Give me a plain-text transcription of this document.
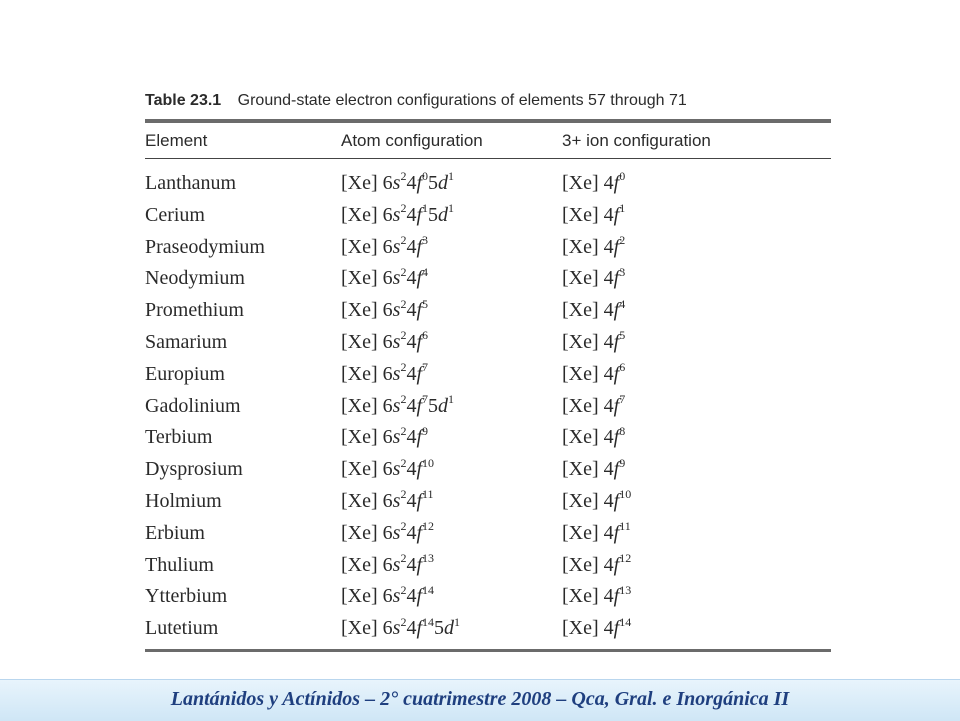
Table 23.1 Ground-state electron configurations of elements 57 through 71
Element	Atom configuration	3+ ion configuration
Lanthanum	[Xe] $6s^24f^05d^1$	[Xe] $4f^0$
Cerium	[Xe] $6s^24f^15d^1$	[Xe] $4f^1$
Praseodymium	[Xe] $6s^24f^3$	[Xe] $4f^2$
Neodymium	[Xe] $6s^24f^4$	[Xe] $4f^3$
Promethium	[Xe] $6s^24f^5$	[Xe] $4f^4$
Samarium	[Xe] $6s^24f^6$	[Xe] $4f^5$
Europium	[Xe] $6s^24f^7$	[Xe] $4f^6$
Gadolinium	[Xe] $6s^24f^75d^1$	[Xe] $4f^7$
Terbium	[Xe] $6s^24f^9$	[Xe] $4f^8$
Dysprosium	[Xe] $6s^24f^{10}$	[Xe] $4f^9$
Holmium	[Xe] $6s^24f^{11}$	[Xe] $4f^{10}$
Erbium	[Xe] $6s^24f^{12}$	[Xe] $4f^{11}$
Thulium	[Xe] $6s^24f^{13}$	[Xe] $4f^{12}$
Ytterbium	[Xe] $6s^24f^{14}$	[Xe] $4f^{13}$
Lutetium	[Xe] $6s^24f^{14}5d^1$	[Xe] $4f^{14}$
Lantánidos y Actínidos – 2° cuatrimestre 2008 – Qca, Gral. e Inorgánica II
